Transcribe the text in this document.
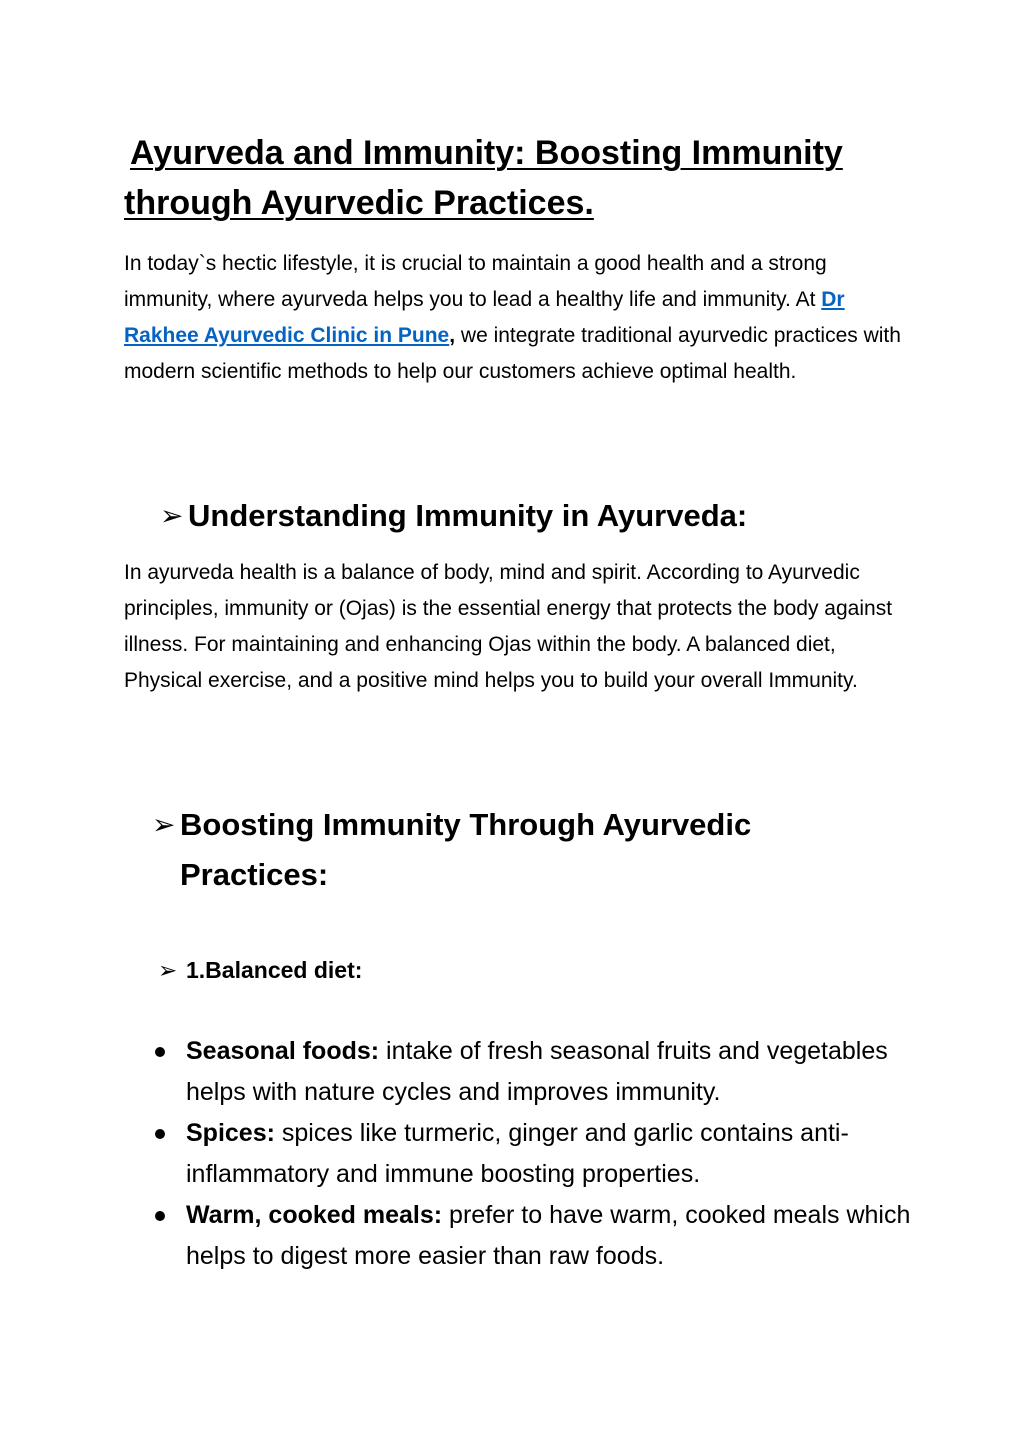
Ayurveda and Immunity: Boosting Immunity
through Ayurvedic Practices.

In today`s hectic lifestyle, it is crucial to maintain a good health and a strong immunity, where ayurveda helps you to lead a healthy life and immunity. At Dr Rakhee Ayurvedic Clinic in Pune, we integrate traditional ayurvedic practices with modern scientific methods to help our customers achieve optimal health.

➢ Understanding Immunity in Ayurveda:

In ayurveda health is a balance of body, mind and spirit. According to Ayurvedic principles, immunity or (Ojas) is the essential energy that protects the body against illness. For maintaining and enhancing Ojas within the body. A balanced diet, Physical exercise, and a positive mind helps you to build your overall Immunity.

➢ Boosting Immunity Through Ayurvedic
Practices:
➢ 1.Balanced diet:
Seasonal foods: intake of fresh seasonal fruits and vegetables helps with nature cycles and improves immunity.
Spices: spices like turmeric, ginger and garlic contains anti-inflammatory and immune boosting properties.
Warm, cooked meals: prefer to have warm, cooked meals which helps to digest more easier than raw foods.
